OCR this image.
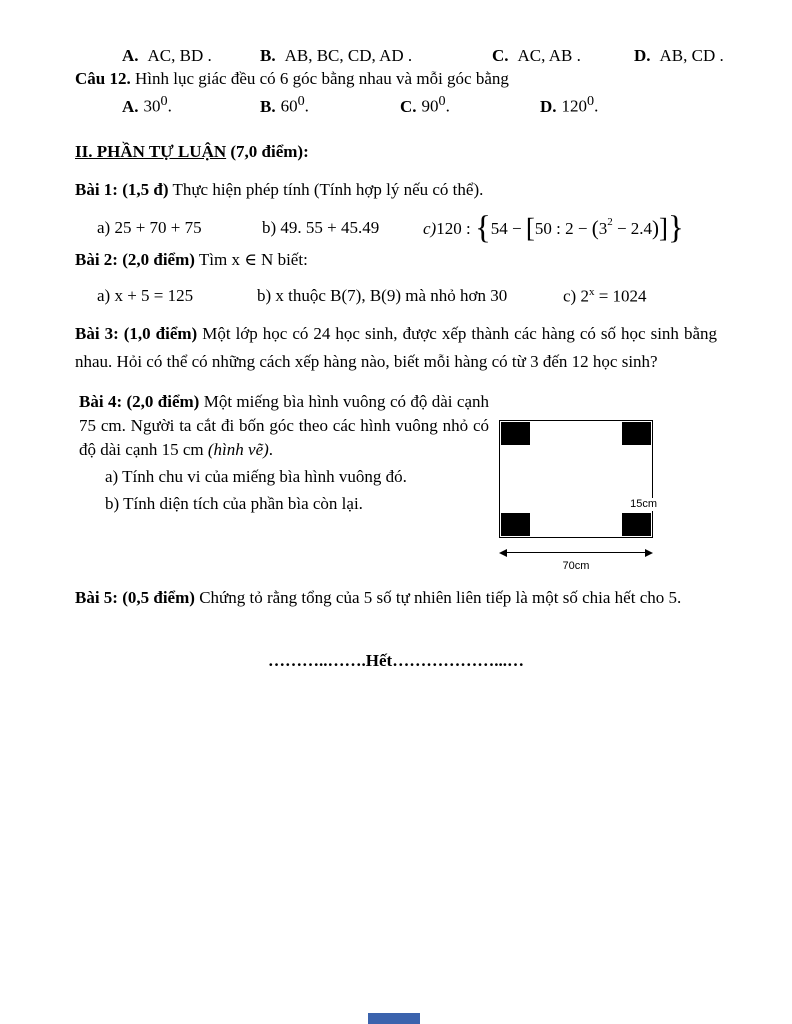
A. AC, BD .	B. AB, BC, CD, AD .	C. AC, AB .	D. AB, CD .
Câu 12. Hình lục giác đều có 6 góc bằng nhau và mỗi góc bằng
A. $30^0$.	B. $60^0$.	C. $90^0$.	D. $120^0$.
II. PHẦN TỰ LUẬN (7,0 điểm):
Bài 1: (1,5 đ) Thực hiện phép tính (Tính hợp lý nếu có thể).
a) 25 + 70 + 75	b) 49. 55 + 45.49	c) 120 : { 54 − [ 50 : 2 − ( $3^2 - 2.4$ ) ] }
Bài 2: (2,0 điểm) Tìm x ∈ N biết:
a) x + 5 = 125	b) x thuộc B(7), B(9) mà nhỏ hơn 30	c) $2^x = 1024$
Bài 3: (1,0 điểm) Một lớp học có 24 học sinh, được xếp thành các hàng có số học sinh bằng nhau. Hỏi có thể có những cách xếp hàng nào, biết mỗi hàng có từ 3 đến 12 học sinh?
Bài 4: (2,0 điểm) Một miếng bìa hình vuông có độ dài cạnh 75 cm. Người ta cắt đi bốn góc theo các hình vuông nhỏ có độ dài cạnh 15 cm (hình vẽ).
a) Tính chu vi của miếng bìa hình vuông đó.
b) Tính diện tích của phần bìa còn lại.	15cm
70cm
Bài 5: (0,5 điểm) Chứng tỏ rằng tổng của 5 số tự nhiên liên tiếp là một số chia hết cho 5.
………..…….Hết………………...…
